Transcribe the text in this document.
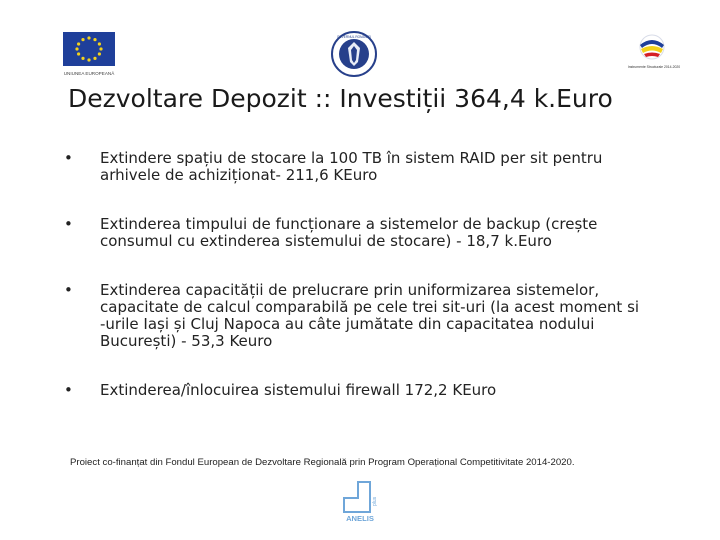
UNIUNEA EUROPEANĂ
GUVERNUL ROMÂNIEI
Instrumente Structurale 2014-2020
Dezvoltare Depozit :: Investiții 364,4 k.Euro
• Extindere spațiu de stocare la 100 TB în sistem RAID per sit pentru
arhivele de achiziționat- 211,6 KEuro
• Extinderea timpului de funcționare a sistemelor de backup (crește
consumul cu extinderea sistemului de stocare) - 18,7 k.Euro
• Extinderea capacității de prelucrare prin uniformizarea sistemelor,
capacitate de calcul comparabilă pe cele trei sit-uri (la acest moment si
-urile Iași și Cluj Napoca au câte jumătate din capacitatea nodului
București) - 53,3 Keuro
• Extinderea/înlocuirea sistemului firewall 172,2 KEuro
Proiect co-finanțat din Fondul European de Dezvoltare Regională prin Program Operațional Competitivitate 2014-2020.
plus
ANELIS
